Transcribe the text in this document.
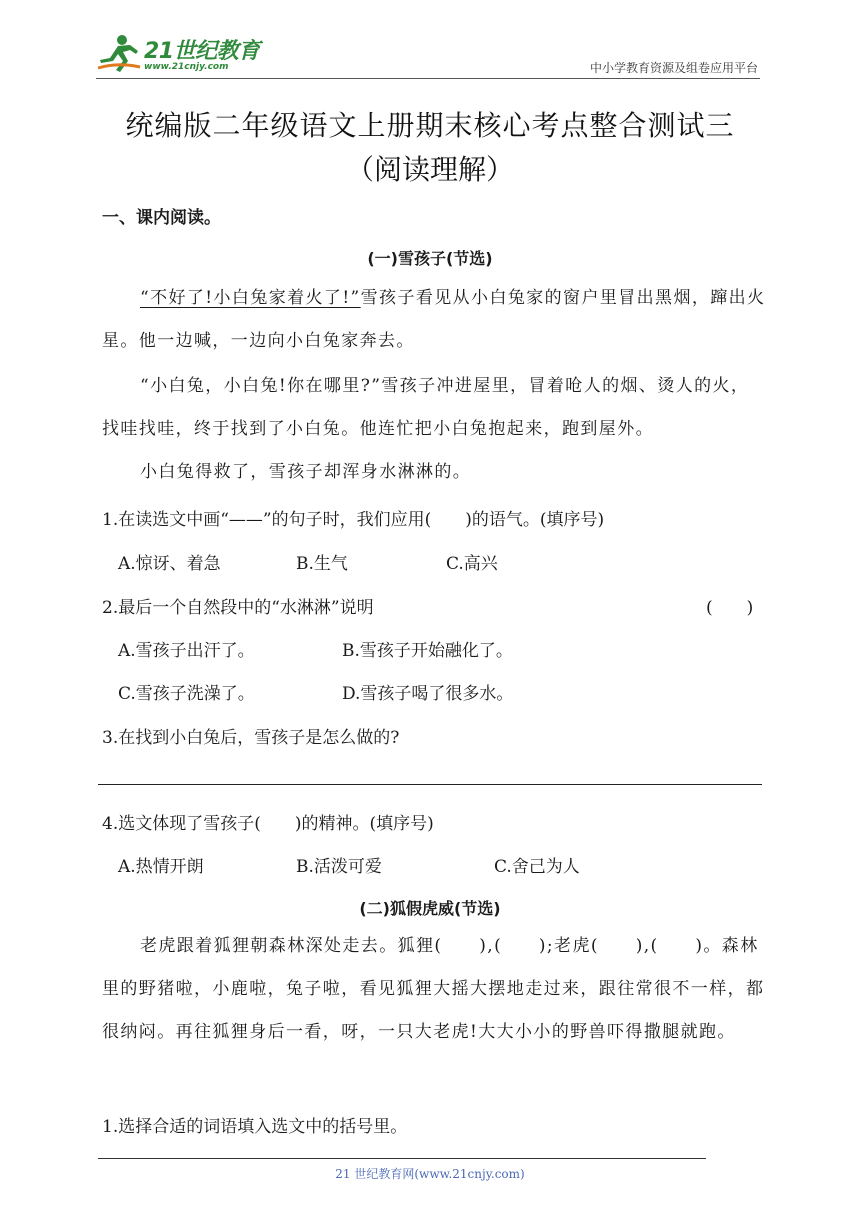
21世纪教育
www.21cnjy.com	中小学教育资源及组卷应用平台
统编版二年级语文上册期末核心考点整合测试三
（阅读理解）
一、课内阅读。
(一)雪孩子(节选)
“不好了!小白兔家着火了!”雪孩子看见从小白兔家的窗户里冒出黑烟，蹿出火星。他一边喊，一边向小白兔家奔去。
“小白兔，小白兔!你在哪里?”雪孩子冲进屋里，冒着呛人的烟、烫人的火，找哇找哇，终于找到了小白兔。他连忙把小白兔抱起来，跑到屋外。
小白兔得救了，雪孩子却浑身水淋淋的。
1.在读选文中画“——”的句子时，我们应用(　　)的语气。(填序号)
A.惊讶、着急	B.生气	C.高兴
2.最后一个自然段中的“水淋淋”说明	(　　)
A.雪孩子出汗了。	B.雪孩子开始融化了。
C.雪孩子洗澡了。	D.雪孩子喝了很多水。
3.在找到小白兔后，雪孩子是怎么做的?
4.选文体现了雪孩子(　　)的精神。(填序号)
A.热情开朗	B.活泼可爱	C.舍己为人
(二)狐假虎威(节选)
老虎跟着狐狸朝森林深处走去。狐狸(　　),(　　);老虎(　　),(　　)。森林里的野猪啦，小鹿啦，兔子啦，看见狐狸大摇大摆地走过来，跟往常很不一样，都很纳闷。再往狐狸身后一看，呀，一只大老虎!大大小小的野兽吓得撒腿就跑。
1.选择合适的词语填入选文中的括号里。
21 世纪教育网(www.21cnjy.com)
